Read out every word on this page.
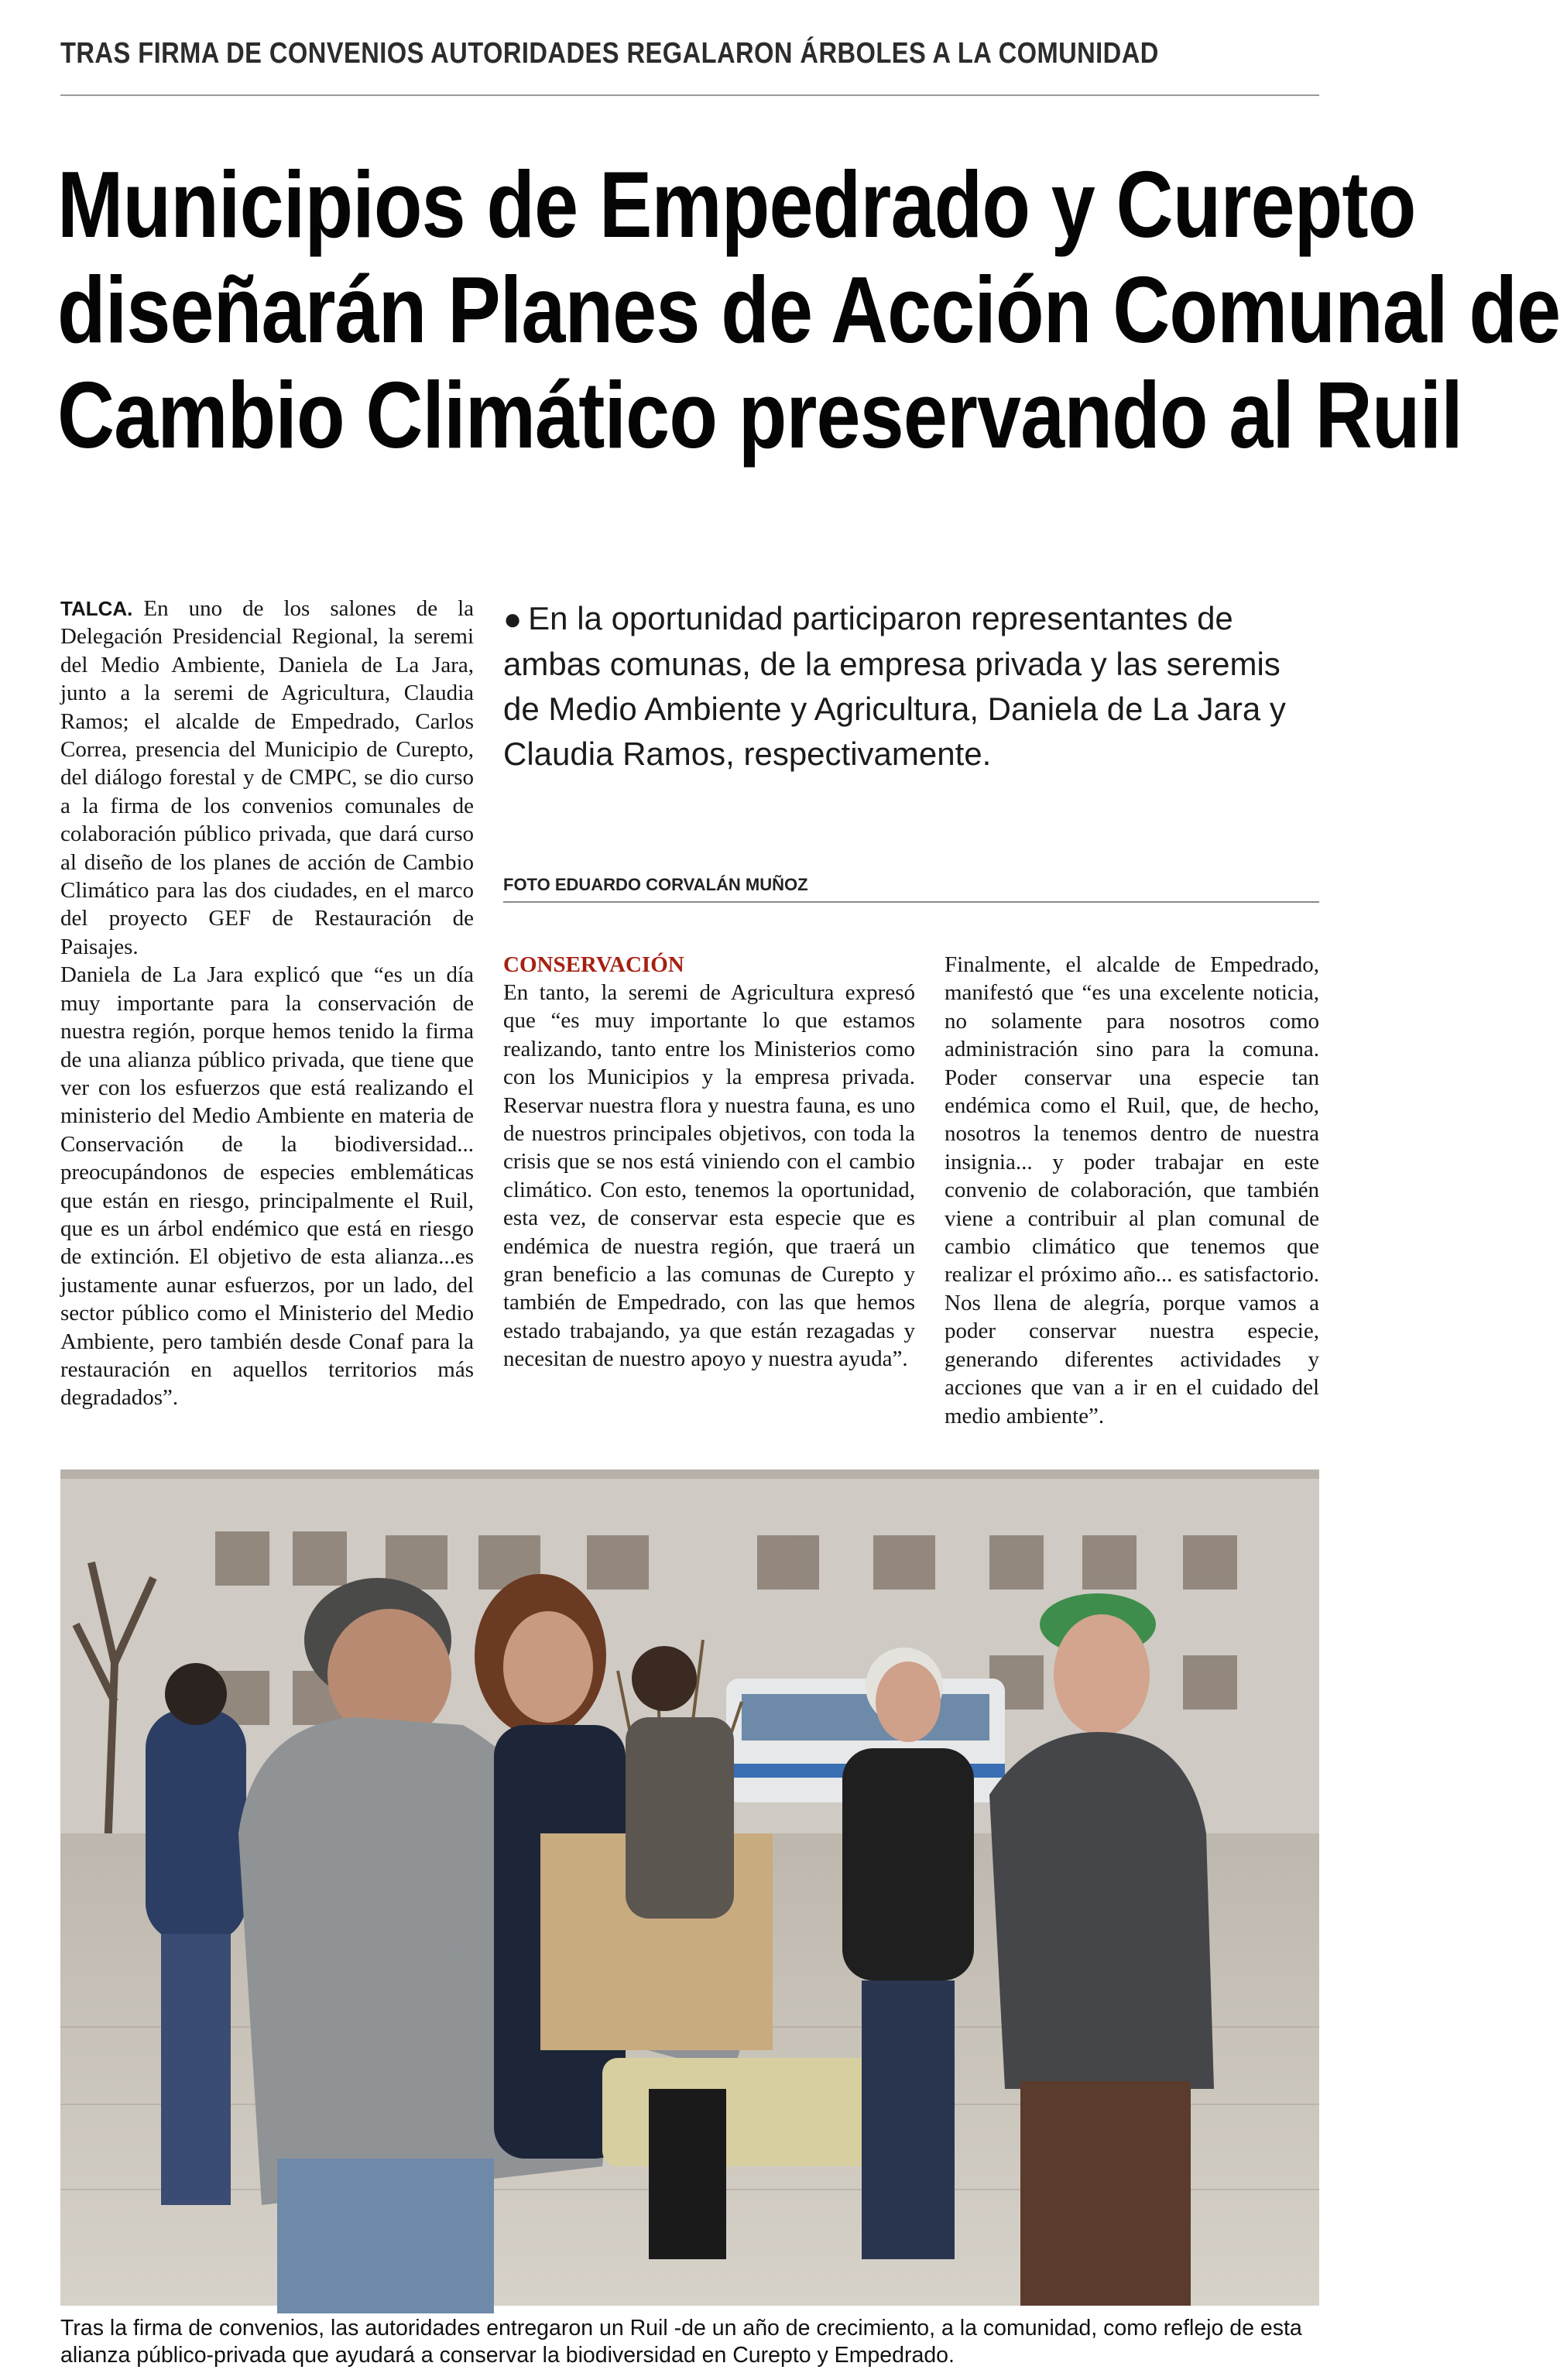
TRAS FIRMA DE CONVENIOS AUTORIDADES REGALARON ÁRBOLES A LA COMUNIDAD
Municipios de Empedrado y Curepto
diseñarán Planes de Acción Comunal de
Cambio Climático preservando al Ruil

TALCA. En uno de los salones de la Delegación Presidencial Regional, la seremi del Medio Ambiente, Daniela de La Jara, junto a la seremi de Agricultura, Claudia Ramos; el alcalde de Empedrado, Carlos Correa, presencia del Municipio de Curepto, del diálogo forestal y de CMPC, se dio curso a la firma de los convenios comunales de colaboración público privada, que dará curso al diseño de los planes de acción de Cambio Climático para las dos ciudades, en el marco del proyecto GEF de Restauración de Paisajes.

Daniela de La Jara explicó que “es un día muy importante para la conservación de nuestra región, porque hemos tenido la firma de una alianza público privada, que tiene que ver con los esfuerzos que está realizando el ministerio del Medio Ambiente en materia de Conservación de la biodiversidad... preocupándonos de especies emblemáticas que están en riesgo, principalmente el Ruil, que es un árbol endémico que está en riesgo de extinción. El objetivo de esta alianza...es justamente aunar esfuerzos, por un lado, del sector público como el Ministerio del Medio Ambiente, pero también desde Conaf para la restauración en aquellos territorios más degradados”.

● En la oportunidad participaron representantes de ambas comunas, de la empresa privada y las seremis de Medio Ambiente y Agricultura, Daniela de La Jara y Claudia Ramos, respectivamente.
FOTO EDUARDO CORVALÁN MUÑOZ

CONSERVACIÓN

En tanto, la seremi de Agricultura expresó que “es muy importante lo que estamos realizando, tanto entre los Ministerios como con los Municipios y la empresa privada. Reservar nuestra flora y nuestra fauna, es uno de nuestros principales objetivos, con toda la crisis que se nos está viniendo con el cambio climático. Con esto, tenemos la oportunidad, esta vez, de conservar esta especie que es endémica de nuestra región, que traerá un gran beneficio a las comunas de Curepto y también de Empedrado, con las que hemos estado trabajando, ya que están rezagadas y necesitan de nuestro apoyo y nuestra ayuda”.

Finalmente, el alcalde de Empedrado, manifestó que “es una excelente noticia, no solamente para nosotros como administración sino para la comuna. Poder conservar una especie tan endémica como el Ruil, que, de hecho, nosotros la tenemos dentro de nuestra insignia... y poder trabajar en este convenio de colaboración, que también viene a contribuir al plan comunal de cambio climático que tenemos que realizar el próximo año... es satisfactorio. Nos llena de alegría, porque vamos a poder conservar nuestra especie, generando diferentes actividades y acciones que van a ir en el cuidado del medio ambiente”.

Tras la firma de convenios, las autoridades entregaron un Ruil -de un año de crecimiento, a la comunidad, como reflejo de esta alianza público-privada que ayudará a conservar la biodiversidad en Curepto y Empedrado.
